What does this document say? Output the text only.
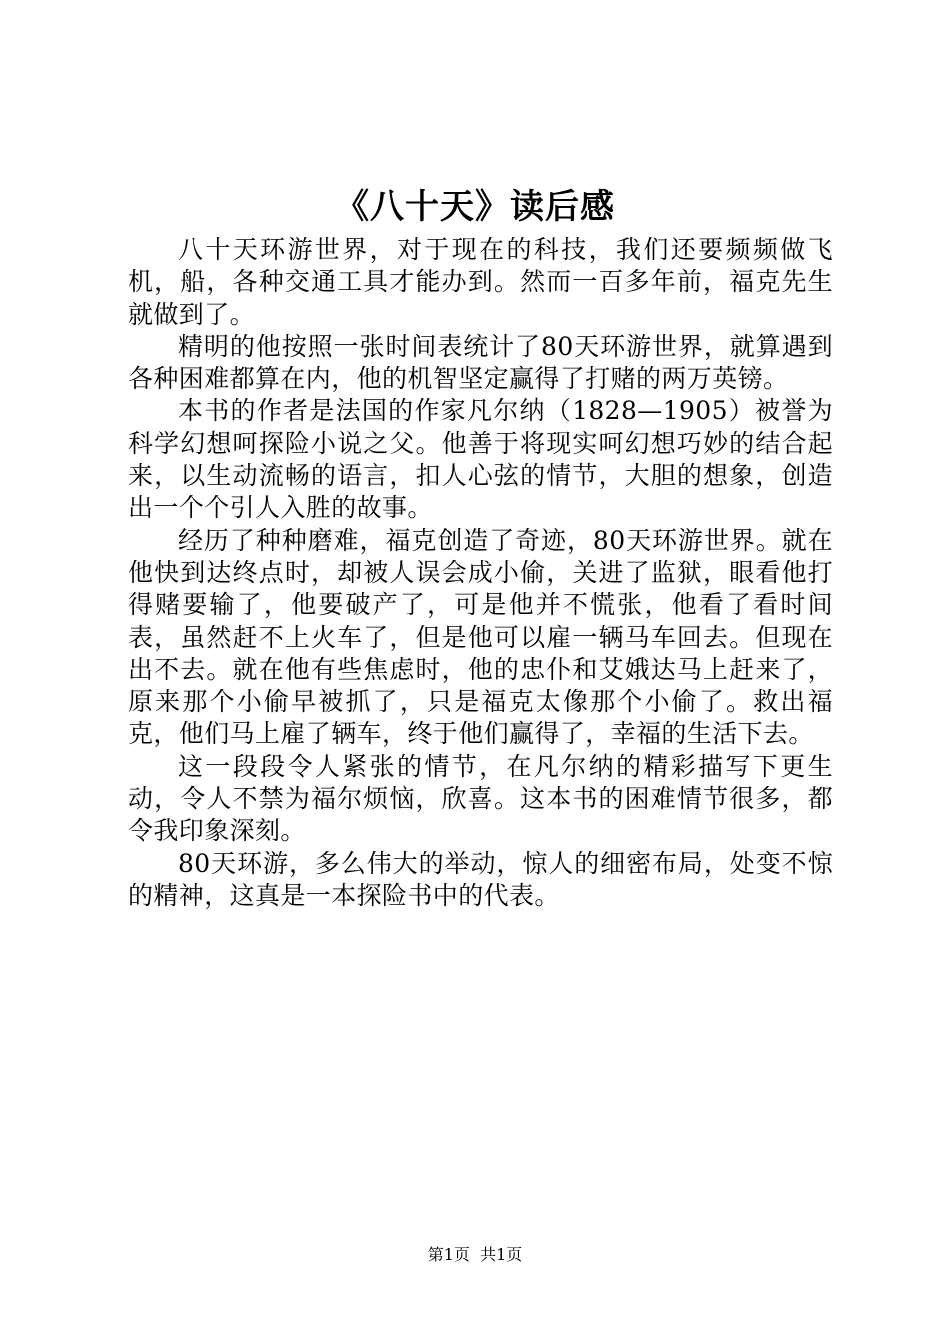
《八十天》读后感

八十天环游世界，对于现在的科技，我们还要频频做飞机，船，各种交通工具才能办到。然而一百多年前，福克先生就做到了。

精明的他按照一张时间表统计了80天环游世界，就算遇到各种困难都算在内，他的机智坚定赢得了打赌的两万英镑。

本书的作者是法国的作家凡尔纳（1828—1905）被誉为科学幻想呵探险小说之父。他善于将现实呵幻想巧妙的结合起来，以生动流畅的语言，扣人心弦的情节，大胆的想象，创造出一个个引人入胜的故事。

经历了种种磨难，福克创造了奇迹，80天环游世界。就在他快到达终点时，却被人误会成小偷，关进了监狱，眼看他打得赌要输了，他要破产了，可是他并不慌张，他看了看时间表，虽然赶不上火车了，但是他可以雇一辆马车回去。但现在出不去。就在他有些焦虑时，他的忠仆和艾娥达马上赶来了，原来那个小偷早被抓了，只是福克太像那个小偷了。救出福克，他们马上雇了辆车，终于他们赢得了，幸福的生活下去。

这一段段令人紧张的情节，在凡尔纳的精彩描写下更生动，令人不禁为福尔烦恼，欣喜。这本书的困难情节很多，都令我印象深刻。

80天环游，多么伟大的举动，惊人的细密布局，处变不惊的精神，这真是一本探险书中的代表。

第1页  共1页
